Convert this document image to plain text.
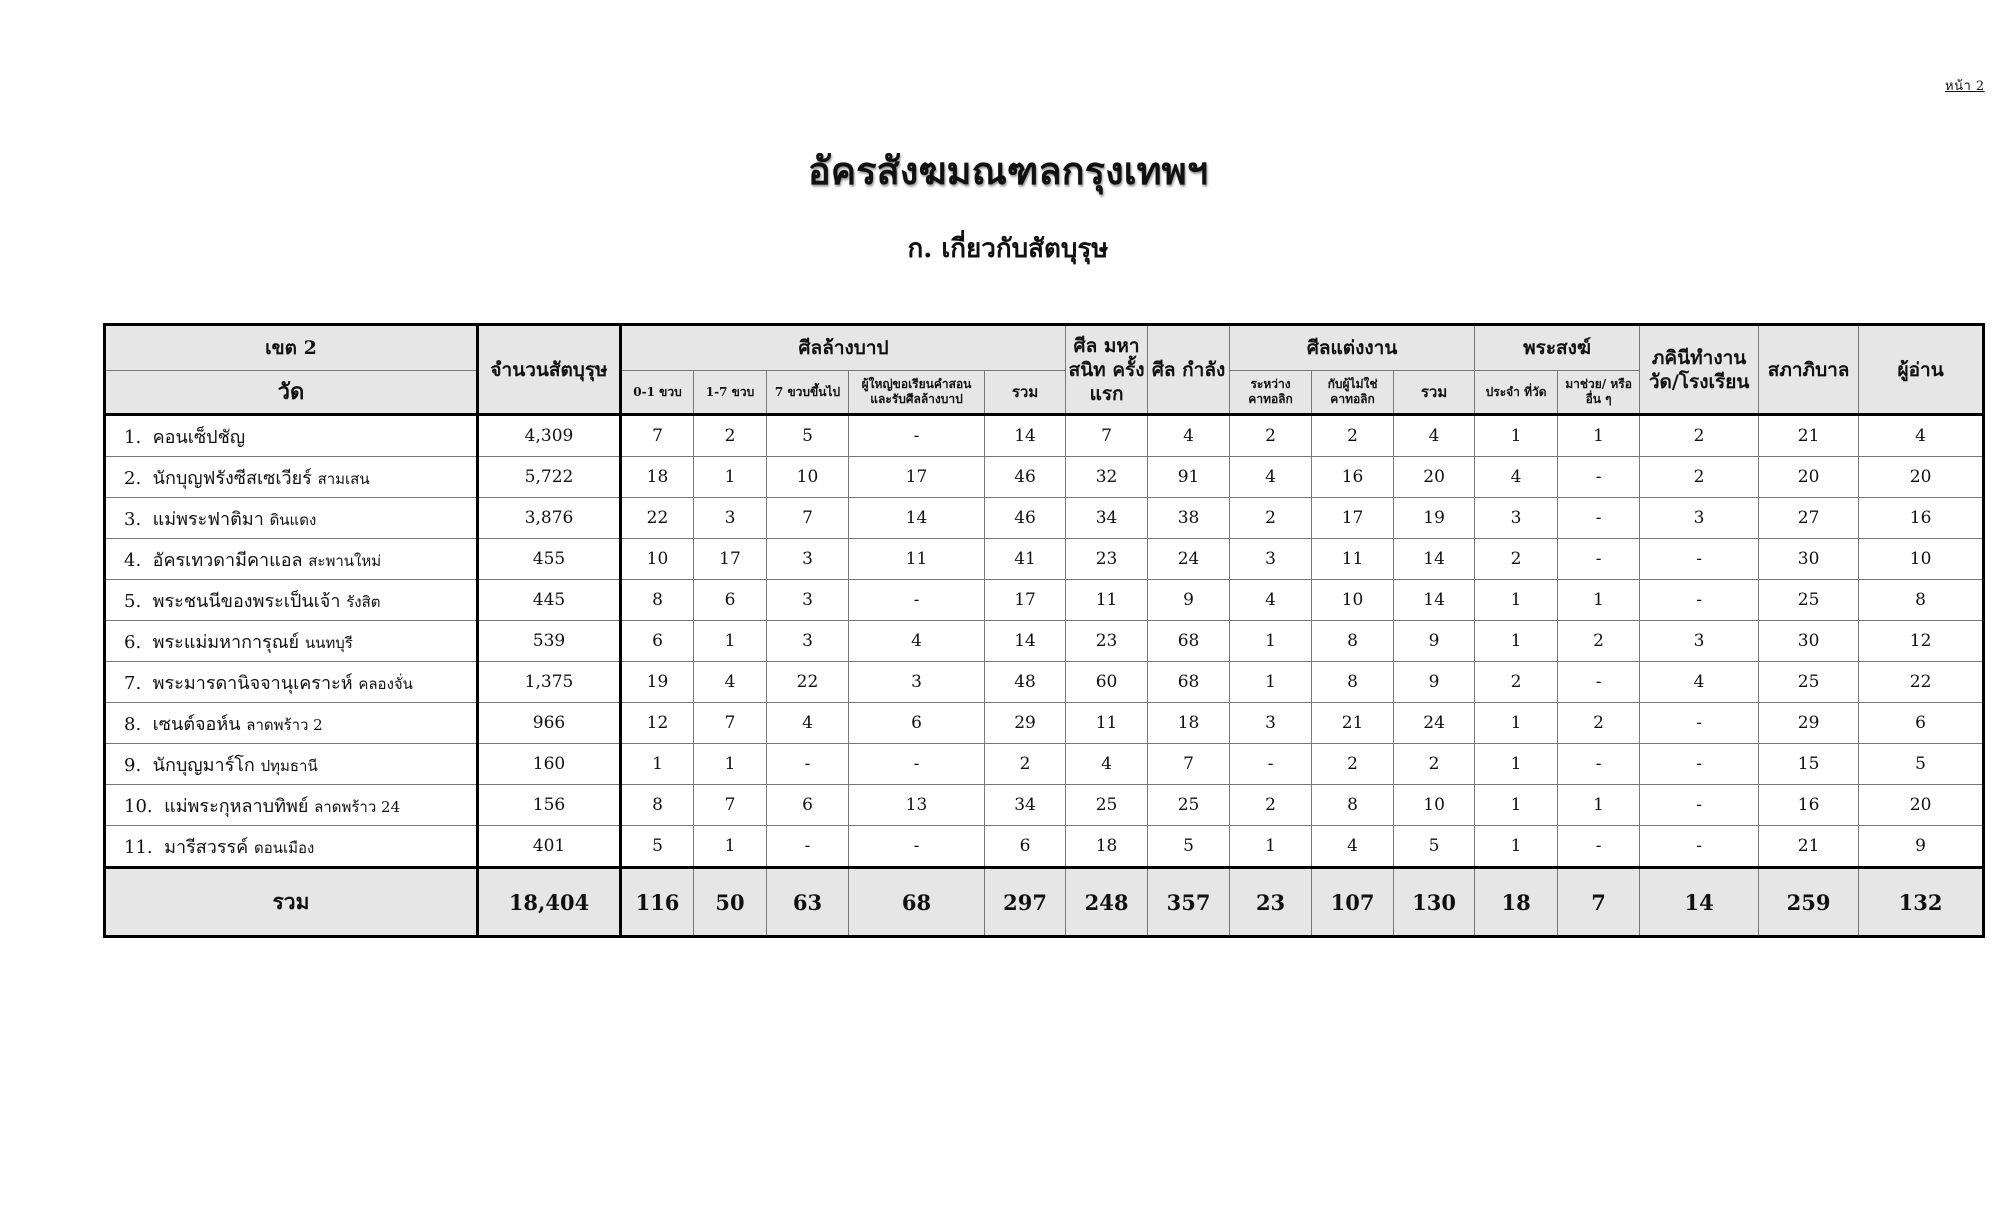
หน้า 2
อัครสังฆมณฑลกรุงเทพฯ
ก. เกี่ยวกับสัตบุรุษ
เขต 2	จำนวนสัตบุรุษ	ศีลล้างบาป					ศีล มหาสนิท ครั้งแรก	ศีล กำลัง	ศีลแต่งงาน			พระสงฆ์		ภคินีทำงาน วัด/โรงเรียน	สภาภิบาล	ผู้อ่าน
วัด		0-1 ขวบ	1-7 ขวบ	7 ขวบขึ้นไป	ผู้ใหญ่ขอเรียนคำสอน และรับศีลล้างบาป	รวม			ระหว่าง คาทอลิก	กับผู้ไม่ใช่ คาทอลิก	รวม	ประจำ ที่วัด	มาช่วย/ หรืออื่น ๆ			
1. คอนเซ็ปชัญ	4,309	7	2	5	-	14	7	4	2	2	4	1	1	2	21	4
2. นักบุญฟรังซีสเซเวียร์ สามเสน	5,722	18	1	10	17	46	32	91	4	16	20	4	-	2	20	20
3. แม่พระฟาติมา ดินแดง	3,876	22	3	7	14	46	34	38	2	17	19	3	-	3	27	16
4. อัครเทวดามีคาแอล สะพานใหม่	455	10	17	3	11	41	23	24	3	11	14	2	-	-	30	10
5. พระชนนีของพระเป็นเจ้า รังสิต	445	8	6	3	-	17	11	9	4	10	14	1	1	-	25	8
6. พระแม่มหาการุณย์ นนทบุรี	539	6	1	3	4	14	23	68	1	8	9	1	2	3	30	12
7. พระมารดานิจจานุเคราะห์ คลองจั่น	1,375	19	4	22	3	48	60	68	1	8	9	2	-	4	25	22
8. เซนต์จอห์น ลาดพร้าว 2	966	12	7	4	6	29	11	18	3	21	24	1	2	-	29	6
9. นักบุญมาร์โก ปทุมธานี	160	1	1	-	-	2	4	7	-	2	2	1	-	-	15	5
10. แม่พระกุหลาบทิพย์ ลาดพร้าว 24	156	8	7	6	13	34	25	25	2	8	10	1	1	-	16	20
11. มารีสวรรค์ ดอนเมือง	401	5	1	-	-	6	18	5	1	4	5	1	-	-	21	9
รวม	18,404	116	50	63	68	297	248	357	23	107	130	18	7	14	259	132
